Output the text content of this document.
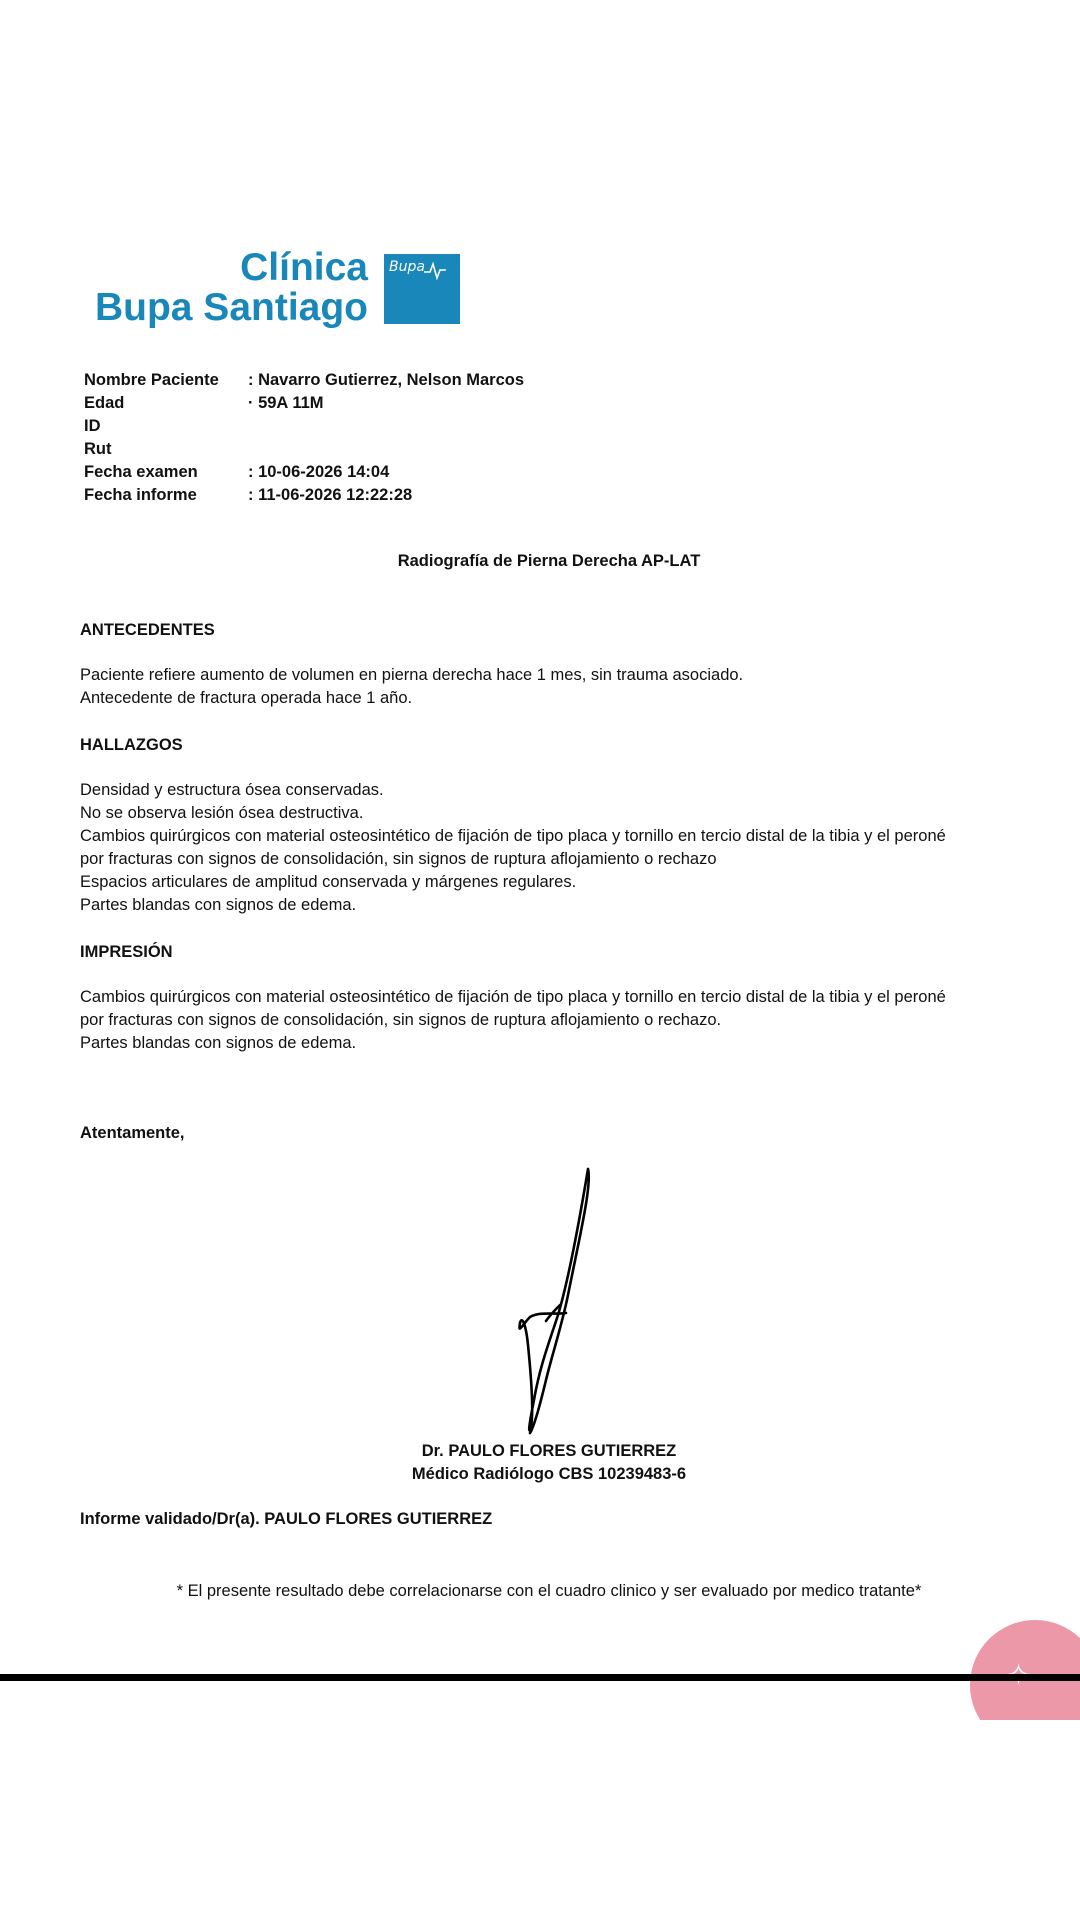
Clínica
Bupa Santiago
Bupa
Nombre Paciente : Navarro Gutierrez, Nelson Marcos
Edad	· 59A 11M
ID
Rut
Fecha examen	: 10-06-2026 14:04
Fecha informe	: 11-06-2026 12:22:28
Radiografía de Pierna Derecha AP-LAT
ANTECEDENTES
Paciente refiere aumento de volumen en pierna derecha hace 1 mes, sin trauma asociado.
Antecedente de fractura operada hace 1 año.
HALLAZGOS
Densidad y estructura ósea conservadas.
No se observa lesión ósea destructiva.
Cambios quirúrgicos con material osteosintético de fijación de tipo placa y tornillo en tercio distal de la tibia y el peroné
por fracturas con signos de consolidación, sin signos de ruptura aflojamiento o rechazo
Espacios articulares de amplitud conservada y márgenes regulares.
Partes blandas con signos de edema.
IMPRESIÓN
Cambios quirúrgicos con material osteosintético de fijación de tipo placa y tornillo en tercio distal de la tibia y el peroné
por fracturas con signos de consolidación, sin signos de ruptura aflojamiento o rechazo.
Partes blandas con signos de edema.
Atentamente,
Dr. PAULO FLORES GUTIERREZ
Médico Radiólogo CBS 10239483-6
Informe validado/Dr(a). PAULO FLORES GUTIERREZ
* El presente resultado debe correlacionarse con el cuadro clinico y ser evaluado por medico tratante*
